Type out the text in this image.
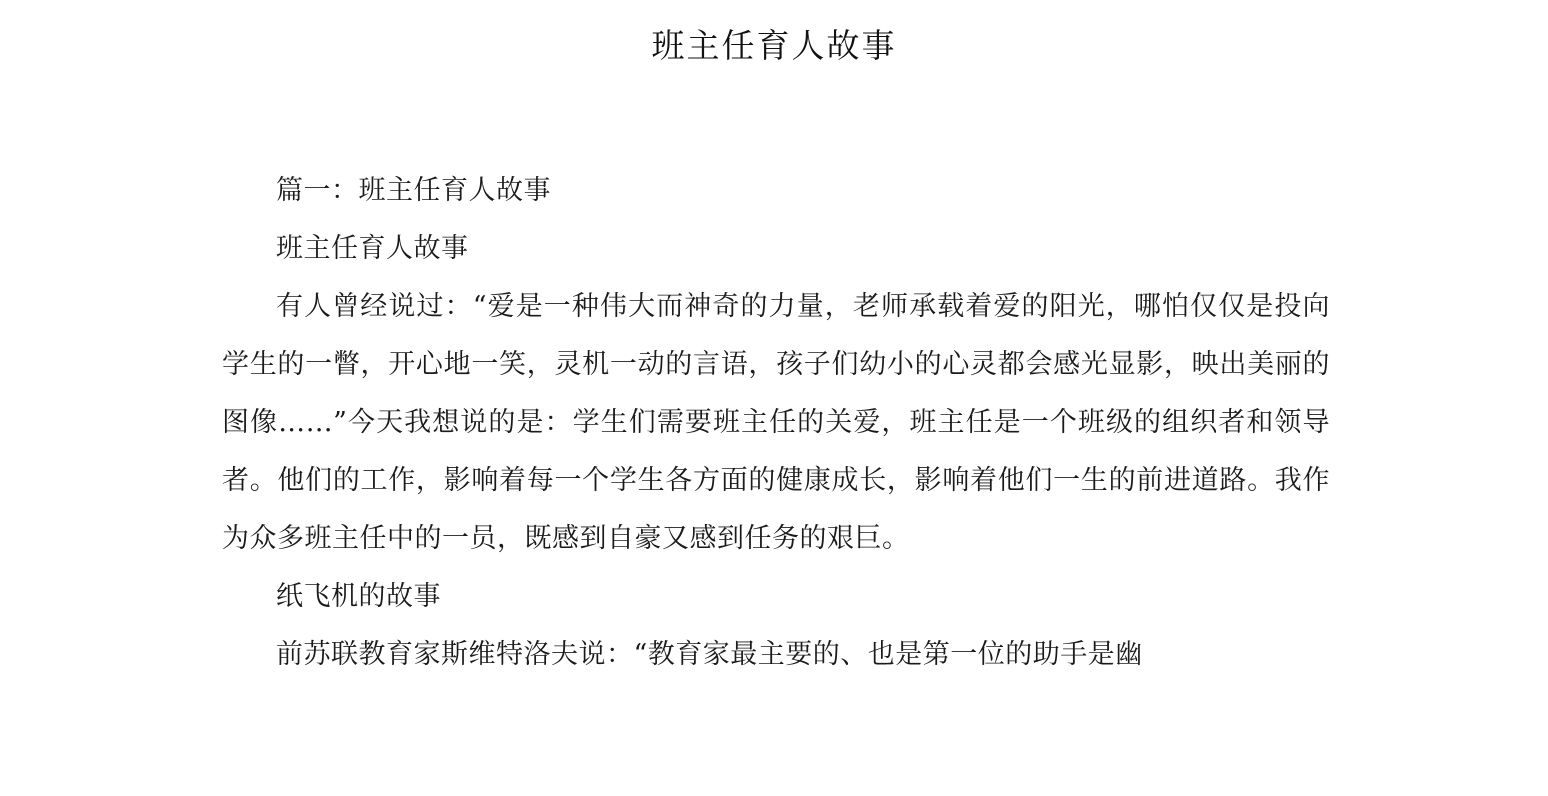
班主任育人故事

篇一：班主任育人故事

班主任育人故事

有人曾经说过：“爱是一种伟大而神奇的力量，老师承载着爱的阳光，哪怕仅仅是投向学生的一瞥，开心地一笑，灵机一动的言语，孩子们幼小的心灵都会感光显影，映出美丽的图像……”今天我想说的是：学生们需要班主任的关爱，班主任是一个班级的组织者和领导者。他们的工作，影响着每一个学生各方面的健康成长，影响着他们一生的前进道路。我作为众多班主任中的一员，既感到自豪又感到任务的艰巨。

纸飞机的故事

前苏联教育家斯维特洛夫说：“教育家最主要的、也是第一位的助手是幽
